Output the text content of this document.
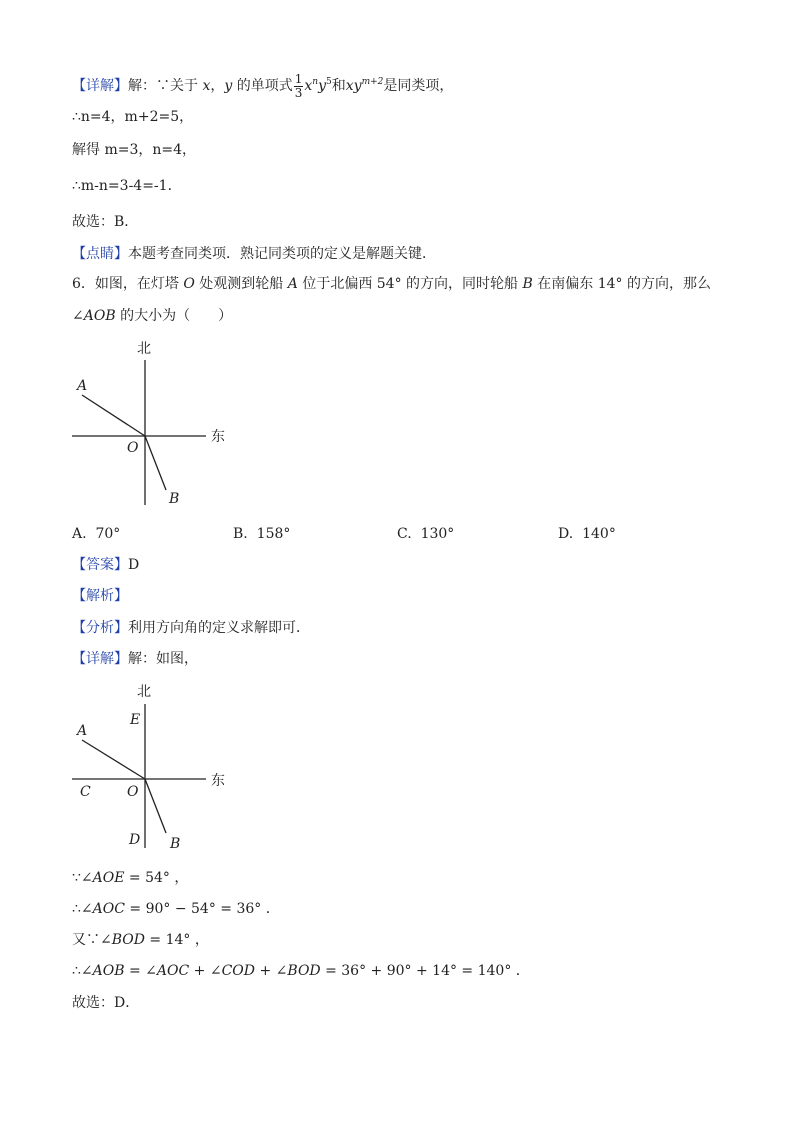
【详解】解：∵关于 x，y 的单项式 $\frac{1}{3} x^ny^5$和$xy^{m+2}$是同类项，
∴n=4，m+2=5，
解得 m=3，n=4，
∴m-n=3-4=-1．
故选：B．
【点睛】本题考查同类项．熟记同类项的定义是解题关键．
6．如图，在灯塔 O 处观测到轮船 A 位于北偏西 54° 的方向，同时轮船 B 在南偏东 14° 的方向，那么
∠AOB 的大小为（　　）
北
东
A
O
B
A. 70°	B. 158°	C. 130°	D. 140°
【答案】D
【解析】
【分析】利用方向角的定义求解即可．
【详解】解：如图，
北
东
E
A
C	O
D B
∵∠AOE = 54° ，
∴∠AOC = 90° − 54° = 36° ．
又∵∠BOD = 14° ，
∴∠AOB = ∠AOC + ∠COD + ∠BOD = 36° + 90° + 14° = 140° ．
故选：D．
